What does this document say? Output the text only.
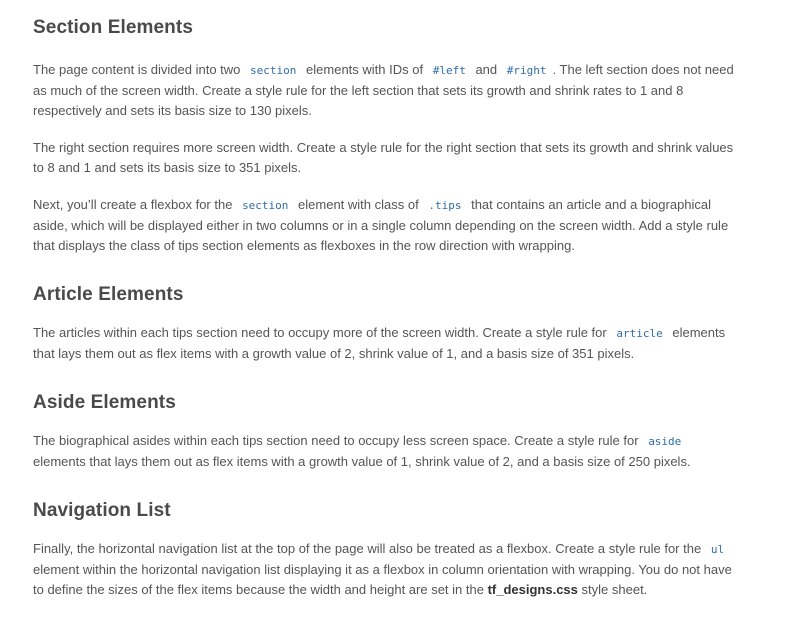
Section Elements

The page content is divided into two section elements with IDs of #left and #right . The left section does not need as much of the screen width. Create a style rule for the left section that sets its growth and shrink rates to 1 and 8 respectively and sets its basis size to 130 pixels.

The right section requires more screen width. Create a style rule for the right section that sets its growth and shrink values to 8 and 1 and sets its basis size to 351 pixels.

Next, you’ll create a flexbox for the section element with class of .tips that contains an article and a biographical aside, which will be displayed either in two columns or in a single column depending on the screen width. Add a style rule that displays the class of tips section elements as flexboxes in the row direction with wrapping.

Article Elements

The articles within each tips section need to occupy more of the screen width. Create a style rule for article elements that lays them out as flex items with a growth value of 2, shrink value of 1, and a basis size of 351 pixels.

Aside Elements

The biographical asides within each tips section need to occupy less screen space. Create a style rule for aside elements that lays them out as flex items with a growth value of 1, shrink value of 2, and a basis size of 250 pixels.

Navigation List

Finally, the horizontal navigation list at the top of the page will also be treated as a flexbox. Create a style rule for the ul element within the horizontal navigation list displaying it as a flexbox in column orientation with wrapping. You do not have to define the sizes of the flex items because the width and height are set in the tf_designs.css style sheet.
